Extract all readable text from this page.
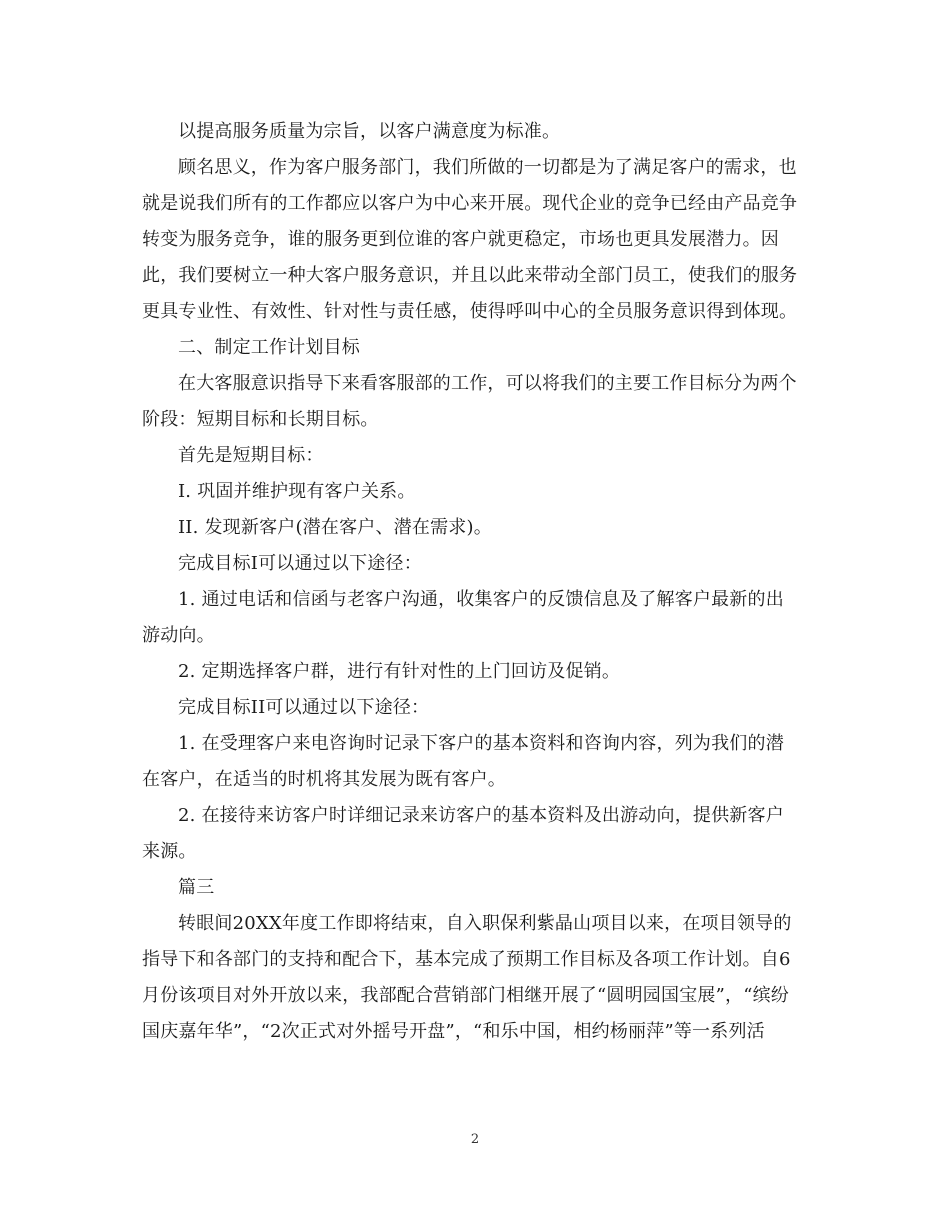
以提高服务质量为宗旨，以客户满意度为标准。

顾名思义，作为客户服务部门，我们所做的一切都是为了满足客户的需求，也就是说我们所有的工作都应以客户为中心来开展。现代企业的竞争已经由产品竞争转变为服务竞争，谁的服务更到位谁的客户就更稳定，市场也更具发展潜力。因此，我们要树立一种大客户服务意识，并且以此来带动全部门员工，使我们的服务更具专业性、有效性、针对性与责任感，使得呼叫中心的全员服务意识得到体现。

二、制定工作计划目标

在大客服意识指导下来看客服部的工作，可以将我们的主要工作目标分为两个阶段：短期目标和长期目标。

首先是短期目标：

I. 巩固并维护现有客户关系。

II. 发现新客户(潜在客户、潜在需求)。

完成目标I可以通过以下途径：

1. 通过电话和信函与老客户沟通，收集客户的反馈信息及了解客户最新的出游动向。

2. 定期选择客户群，进行有针对性的上门回访及促销。

完成目标II可以通过以下途径：

1. 在受理客户来电咨询时记录下客户的基本资料和咨询内容，列为我们的潜在客户，在适当的时机将其发展为既有客户。

2. 在接待来访客户时详细记录来访客户的基本资料及出游动向，提供新客户来源。

篇三

转眼间20XX年度工作即将结束，自入职保利紫晶山项目以来，在项目领导的指导下和各部门的支持和配合下，基本完成了预期工作目标及各项工作计划。自6月份该项目对外开放以来，我部配合营销部门相继开展了“圆明园国宝展”，“缤纷国庆嘉年华”，“2次正式对外摇号开盘”，“和乐中国，相约杨丽萍”等一系列活

2
